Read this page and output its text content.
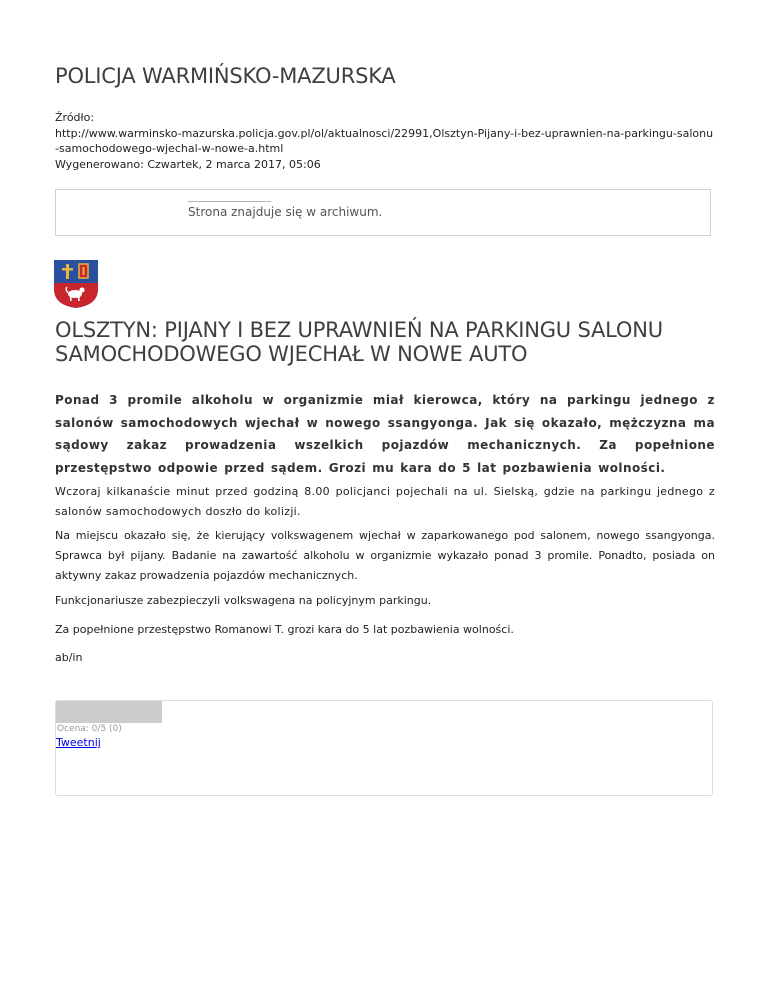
POLICJA WARMIŃSKO-MAZURSKA
Źródło:
http://www.warminsko-mazurska.policja.gov.pl/ol/aktualnosci/22991,Olsztyn-Pijany-i-bez-uprawnien-na-parkingu-salonu-samochodowego-wjechal-w-nowe-a.html
Wygenerowano: Czwartek, 2 marca 2017, 05:06
Strona znajduje się w archiwum.
OLSZTYN: PIJANY I BEZ UPRAWNIEŃ NA PARKINGU SALONU SAMOCHODOWEGO WJECHAŁ W NOWE AUTO

Ponad 3 promile alkoholu w organizmie miał kierowca, który na parkingu jednego z salonów samochodowych wjechał w nowego ssangyonga. Jak się okazało, mężczyzna ma sądowy zakaz prowadzenia wszelkich pojazdów mechanicznych. Za popełnione przestępstwo odpowie przed sądem. Grozi mu kara do 5 lat pozbawienia wolności.

Wczoraj kilkanaście minut przed godziną 8.00 policjanci pojechali na ul. Sielską, gdzie na parkingu jednego z salonów samochodowych doszło do kolizji.

Na miejscu okazało się, że kierujący volkswagenem wjechał w zaparkowanego pod salonem, nowego ssangyonga. Sprawca był pijany. Badanie na zawartość alkoholu w organizmie wykazało ponad 3 promile. Ponadto, posiada on aktywny zakaz prowadzenia pojazdów mechanicznych.

Funkcjonariusze zabezpieczyli volkswagena na policyjnym parkingu.

Za popełnione przestępstwo Romanowi T. grozi kara do 5 lat pozbawienia wolności.

ab/in

Ocena: 0/5 (0)
Tweetnij
